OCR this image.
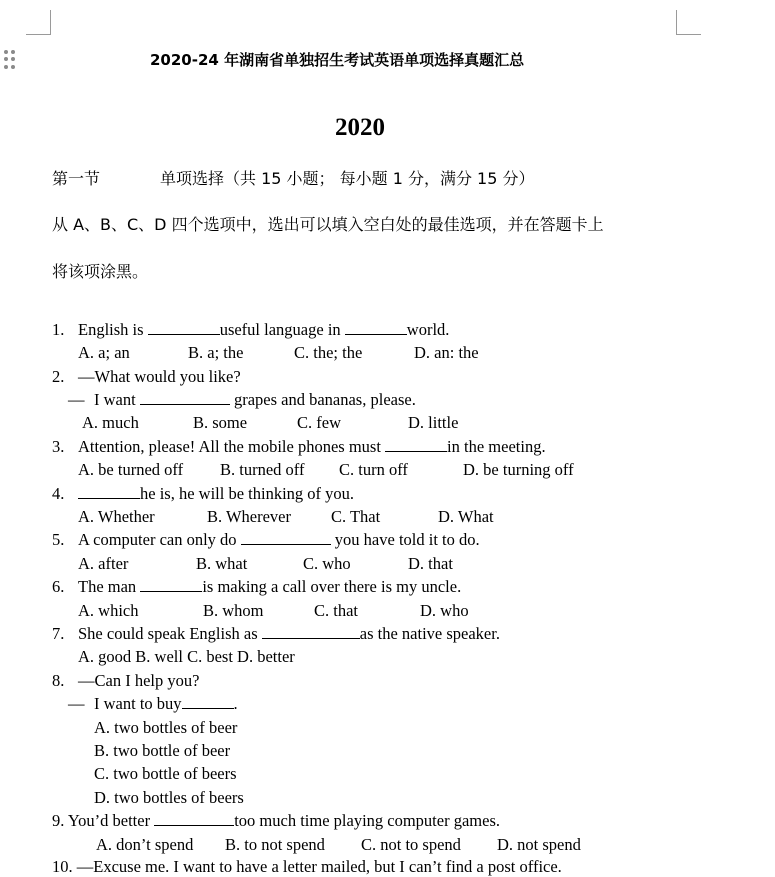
2020-24 年湖南省单独招生考试英语单项选择真题汇总
2020
第一节	单项选择（共 15 小题； 每小题 1 分，满分 15 分）
从 A、B、C、D 四个选项中，选出可以填入空白处的最佳选项，并在答题卡上
将该项涂黑。
1. English is	useful language in	world.
A. a; an	B. a; the	C. the; the	D. an: the
2. —What would you like?
— I want	grapes and bananas, please.
A. much	B. some	C. few	D. little
3. Attention, please! All the mobile phones must	in the meeting.
A. be turned off B. turned off C. turn off	D. be turning off
4.	he is, he will be thinking of you.
A. Whether	B. Wherever C. That	D. What
5. A computer can only do	you have told it to do.
A. after	B. what	C. who	D. that
6. The man	is making a call over there is my uncle.
A. which	B. whom	C. that	D. who
7. She could speak English as	as the native speaker.
A. good B. well C. best D. better
8. —Can I help you?
— I want to buy	.
A. two bottles of beer
B. two bottle of beer
C. two bottle of beers
D. two bottles of beers
9. You’d better	too much time playing computer games.
A. don’t spend B. to not spend C. not to spend D. not spend
10. —Excuse me. I want to have a letter mailed, but I can’t find a post office.
